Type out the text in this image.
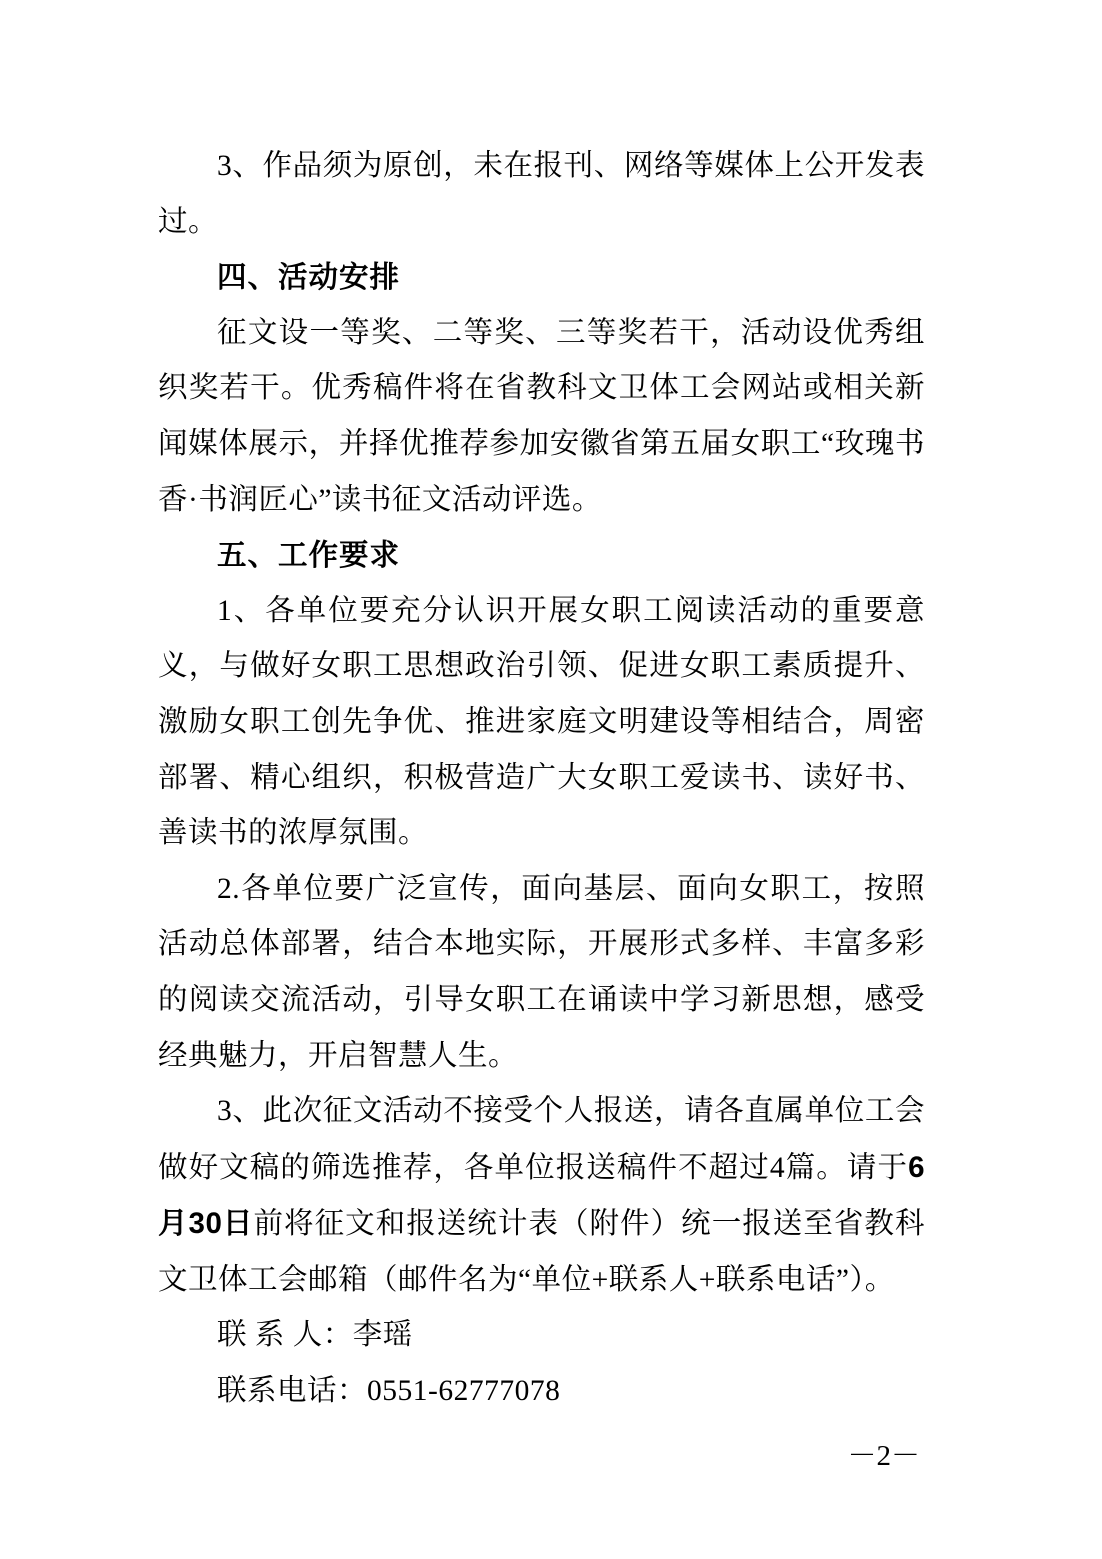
3、作品须为原创，未在报刊、网络等媒体上公开发表过。

四、活动安排

征文设一等奖、二等奖、三等奖若干，活动设优秀组织奖若干。优秀稿件将在省教科文卫体工会网站或相关新闻媒体展示，并择优推荐参加安徽省第五届女职工“玫瑰书香·书润匠心”读书征文活动评选。

五、工作要求

1、各单位要充分认识开展女职工阅读活动的重要意义，与做好女职工思想政治引领、促进女职工素质提升、激励女职工创先争优、推进家庭文明建设等相结合，周密部署、精心组织，积极营造广大女职工爱读书、读好书、善读书的浓厚氛围。

2.各单位要广泛宣传，面向基层、面向女职工，按照活动总体部署，结合本地实际，开展形式多样、丰富多彩的阅读交流活动，引导女职工在诵读中学习新思想，感受经典魅力，开启智慧人生。

3、此次征文活动不接受个人报送，请各直属单位工会做好文稿的筛选推荐，各单位报送稿件不超过4篇。请于6月30日前将征文和报送统计表（附件）统一报送至省教科文卫体工会邮箱（邮件名为“单位+联系人+联系电话”）。

联 系 人：李瑶

联系电话：0551-62777078

－2－
